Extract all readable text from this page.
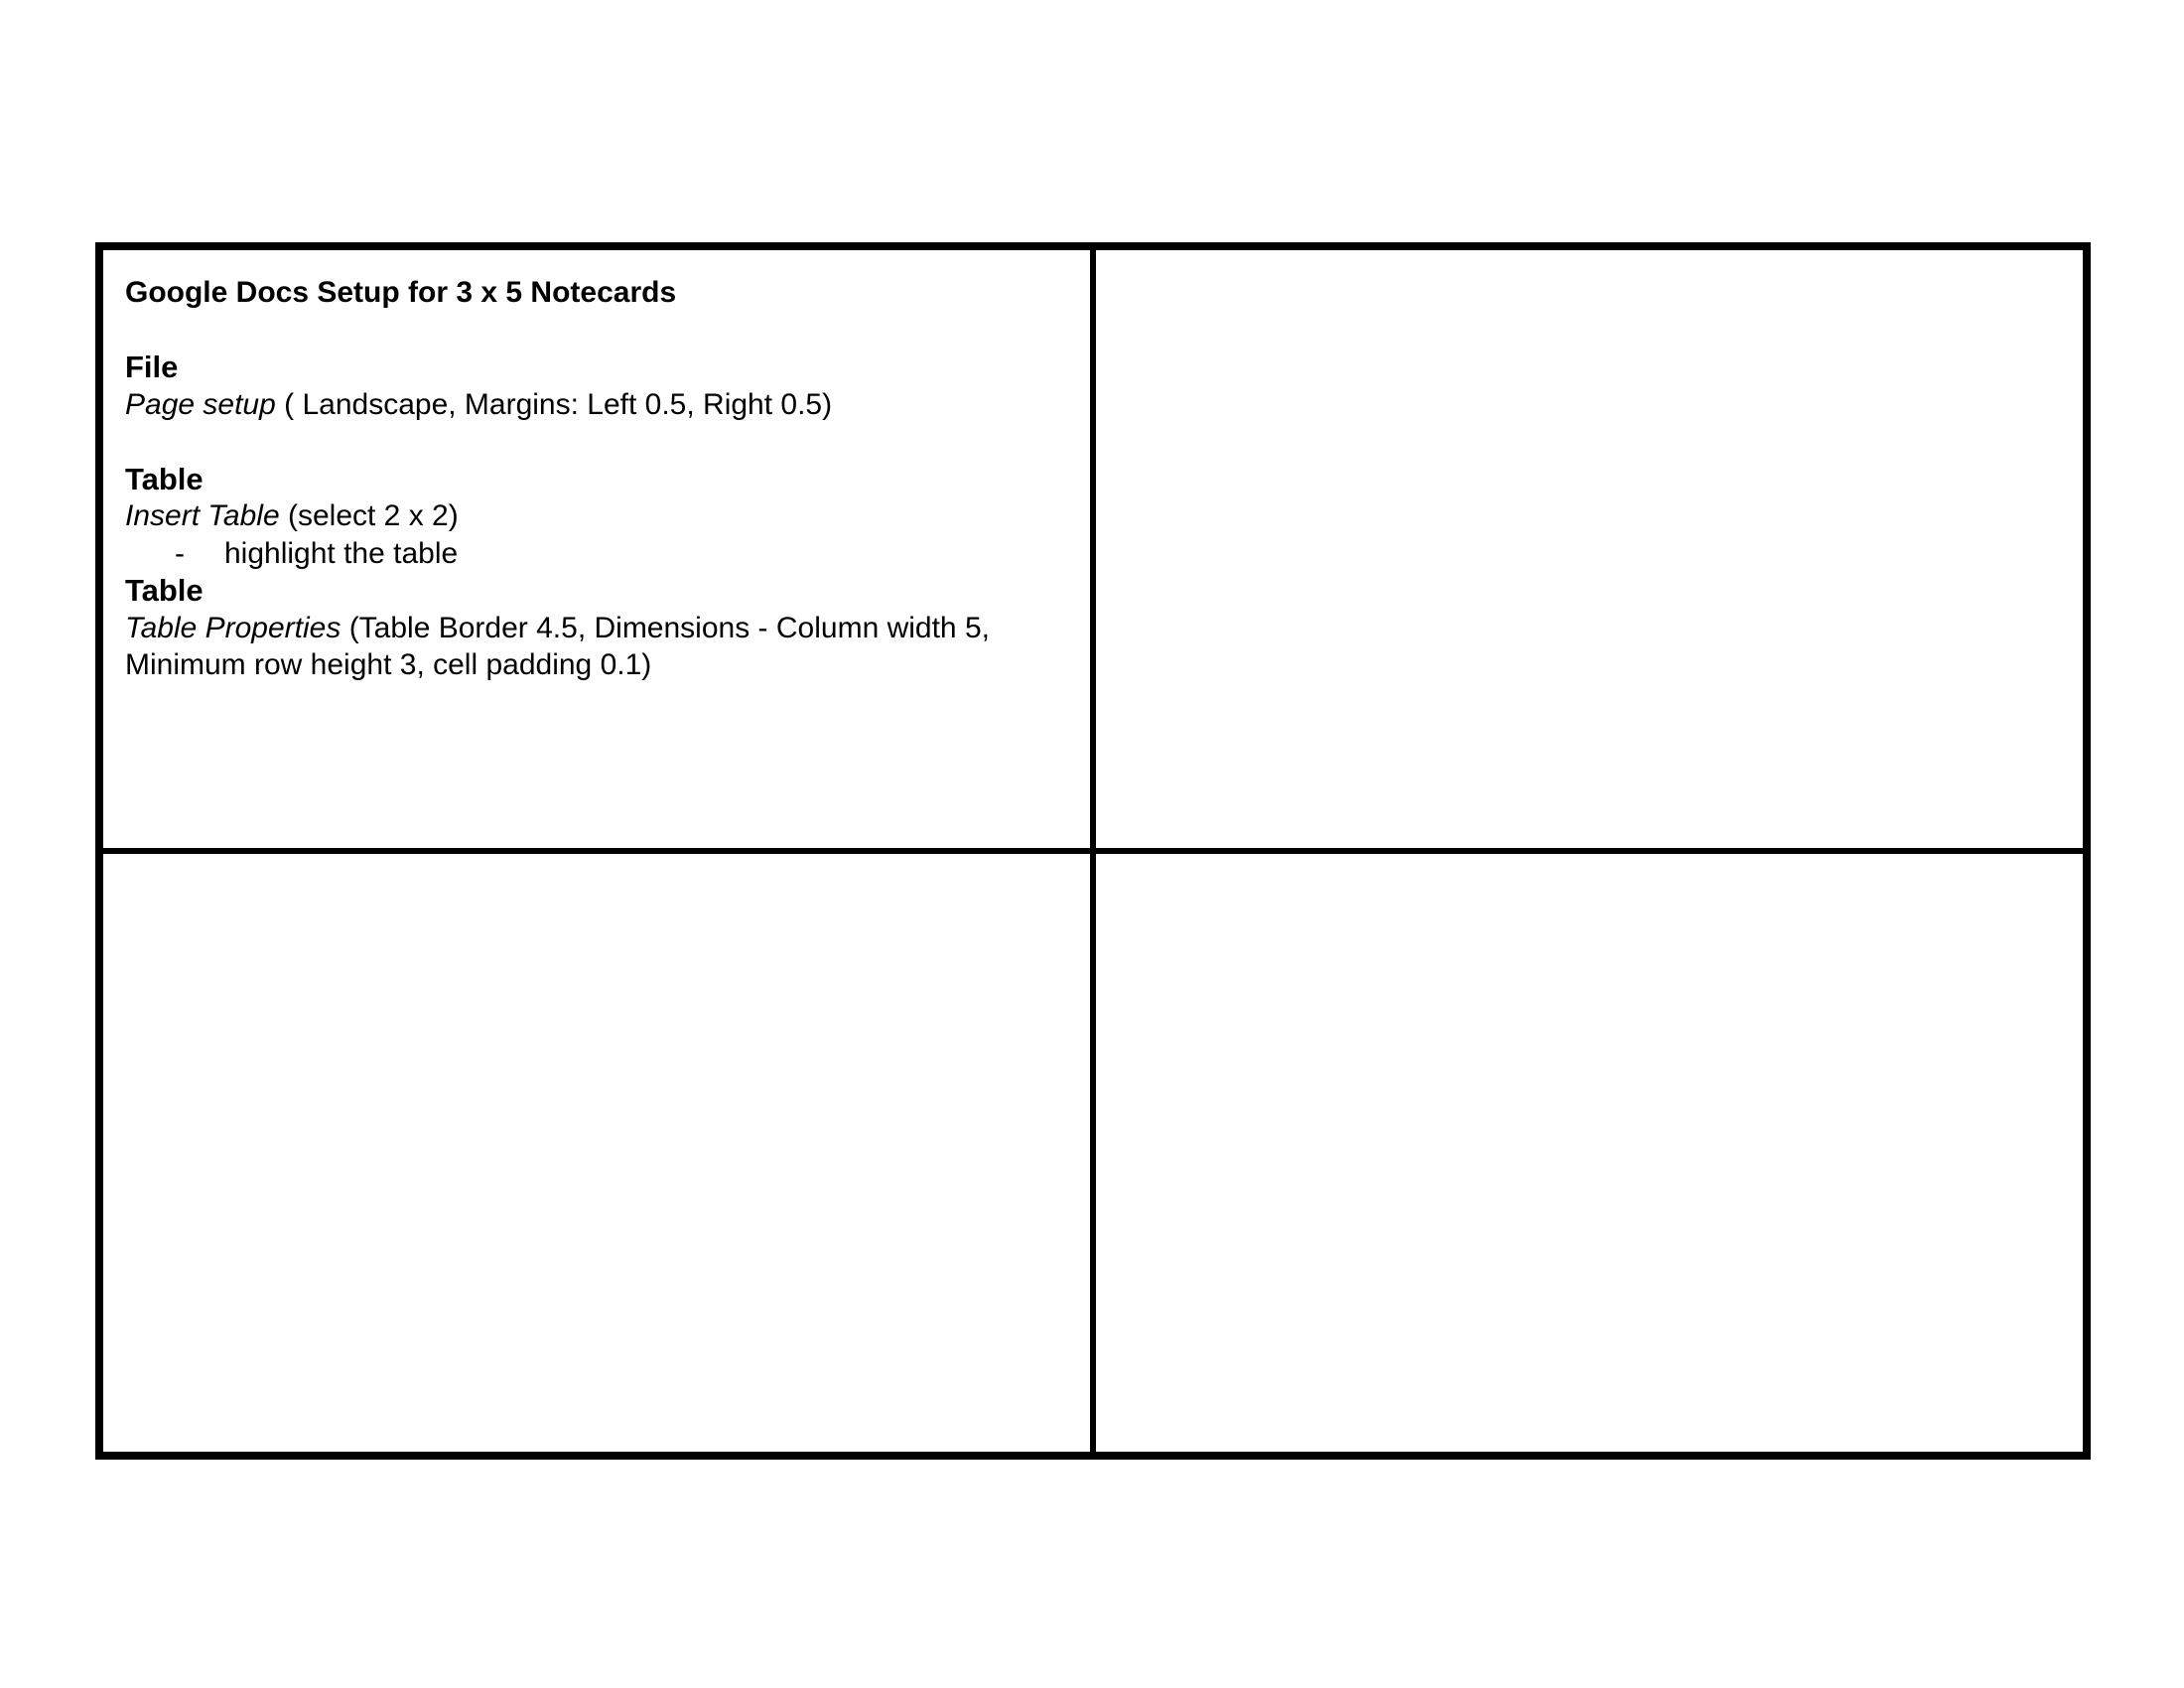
Google Docs Setup for 3 x 5 Notecards

File

Page setup ( Landscape, Margins: Left 0.5, Right 0.5)

Table

Insert Table (select 2 x 2)

- highlight the table

Table

Table Properties (Table Border 4.5, Dimensions - Column width 5, Minimum row height 3, cell padding 0.1)
